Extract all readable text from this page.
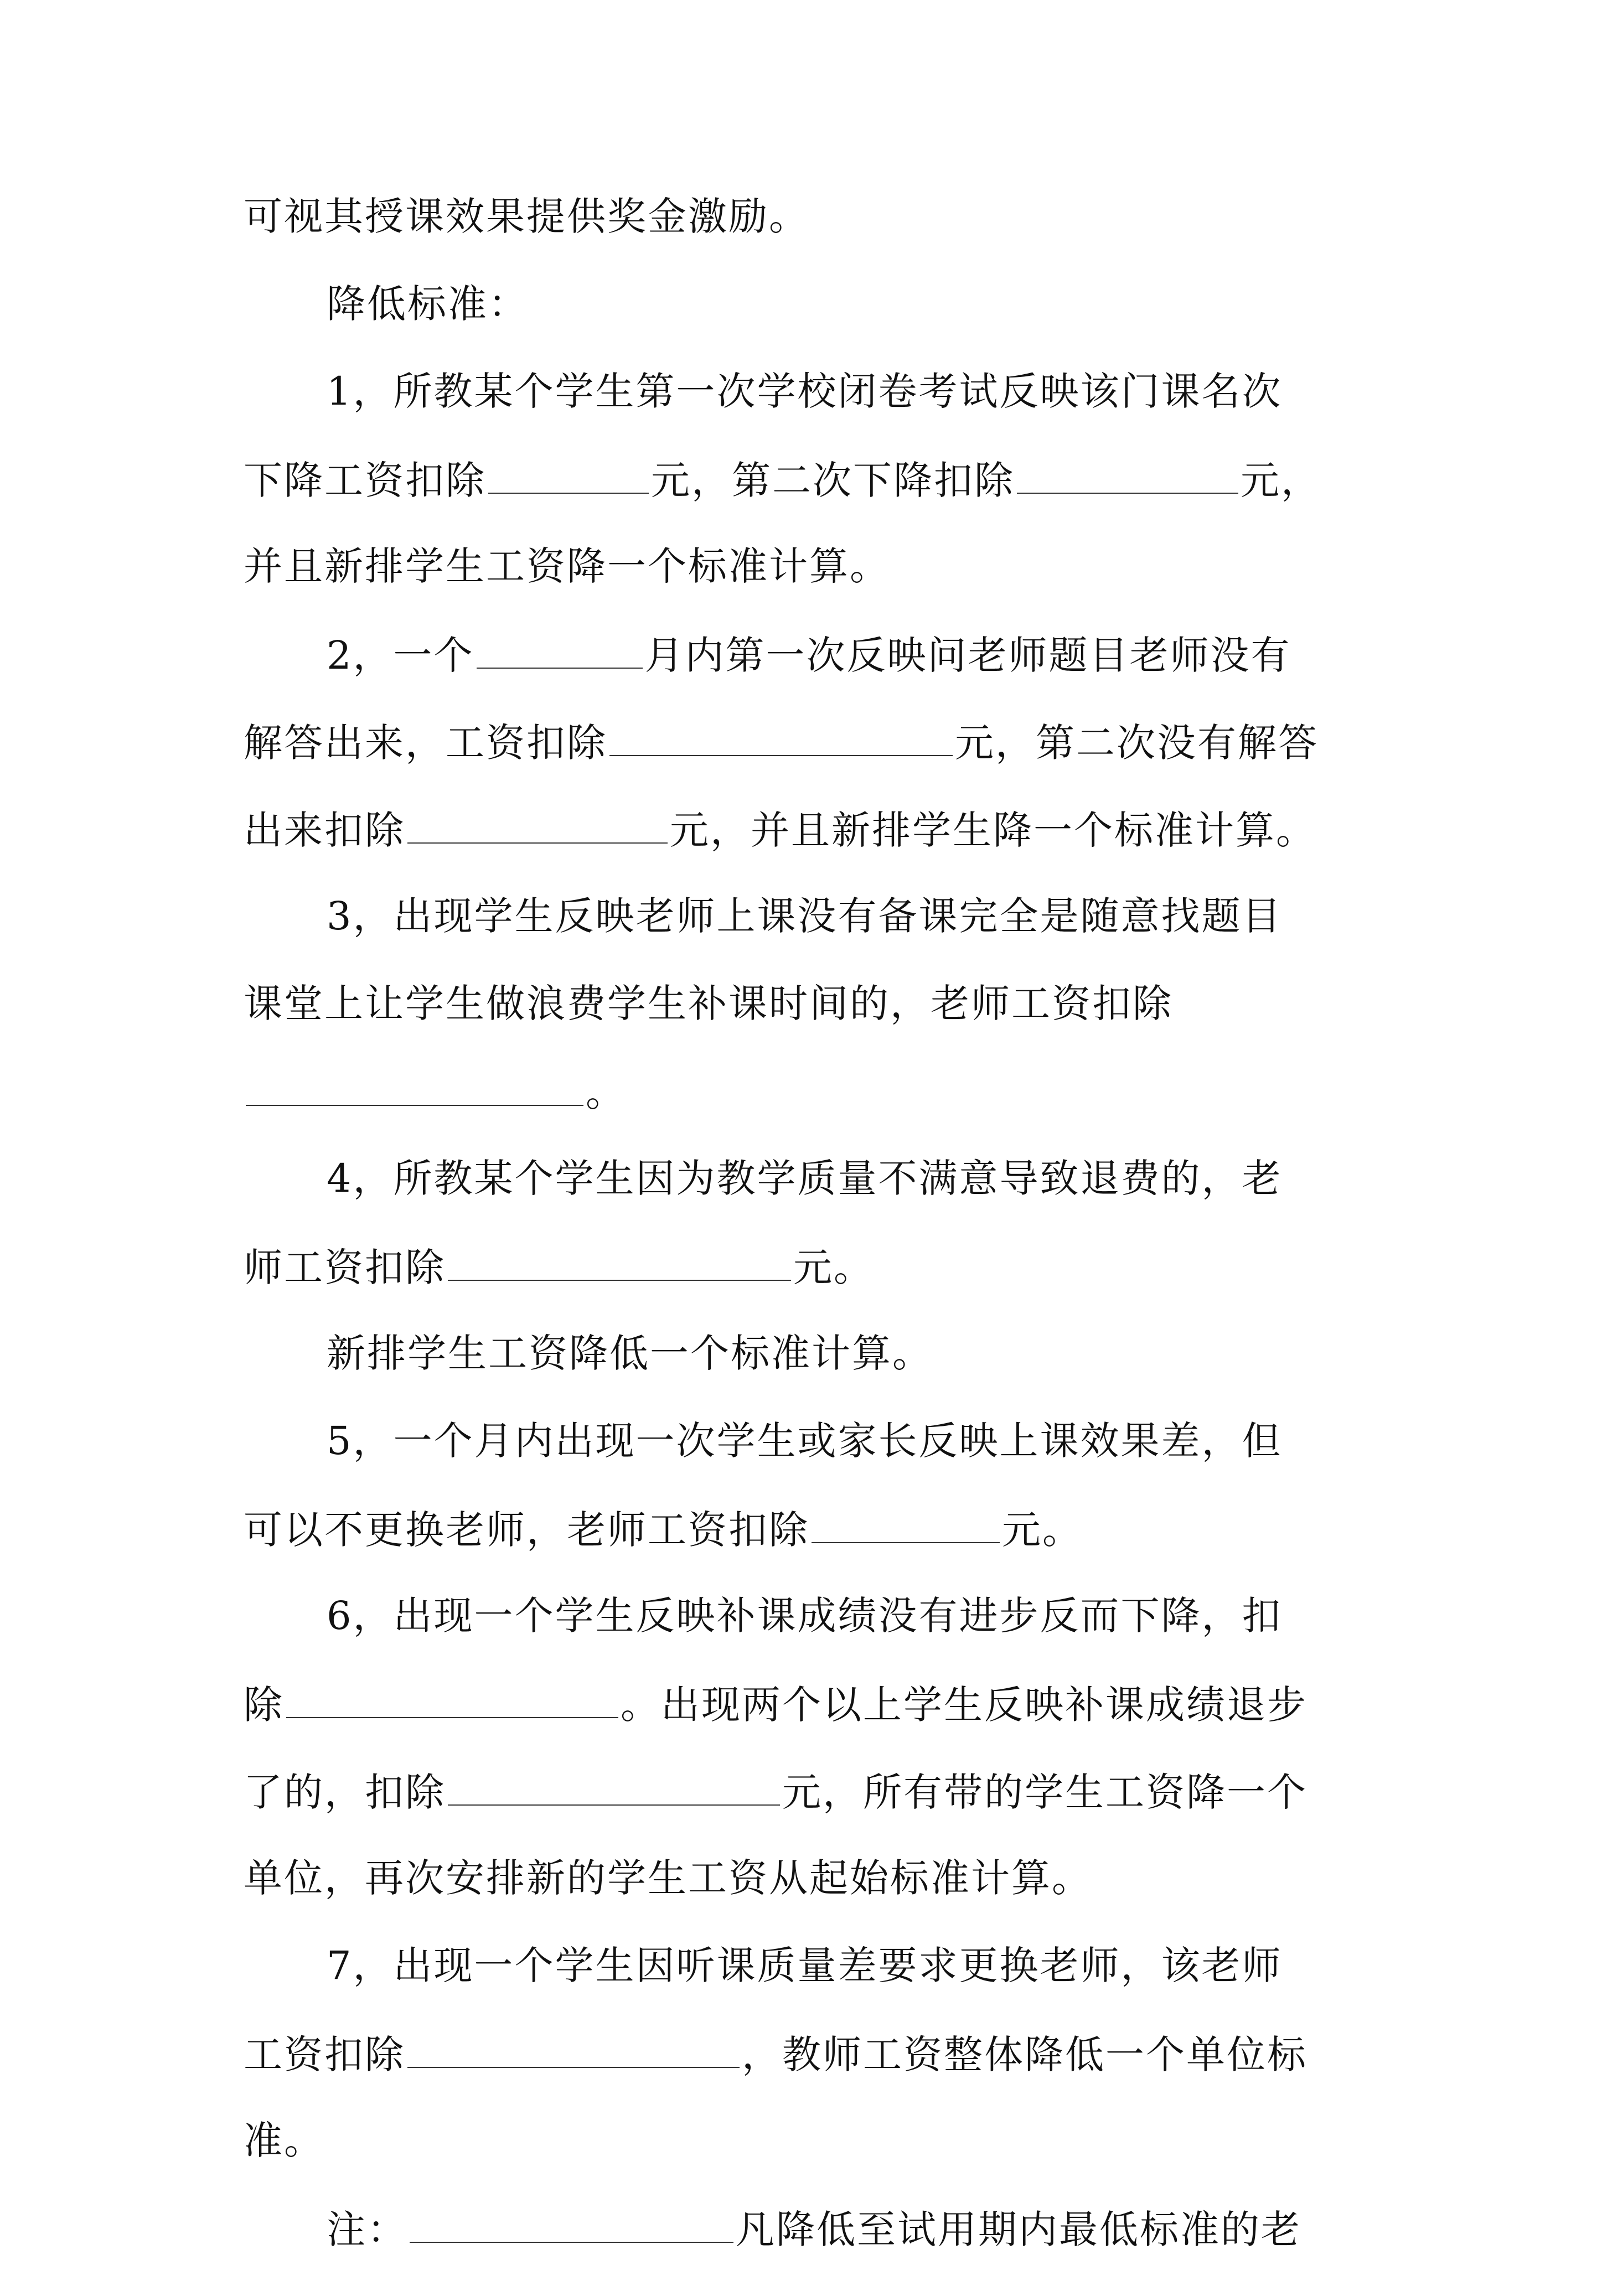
可视其授课效果提供奖金激励。
降低标准：
1，所教某个学生第一次学校闭卷考试反映该门课名次
下降工资扣除	元，第二次下降扣除	元，
并且新排学生工资降一个标准计算。
2，一个	月内第一次反映问老师题目老师没有
解答出来，工资扣除	元，第二次没有解答
出来扣除	元，并且新排学生降一个标准计算。
3，出现学生反映老师上课没有备课完全是随意找题目
课堂上让学生做浪费学生补课时间的，老师工资扣除
。
4，所教某个学生因为教学质量不满意导致退费的，老
师工资扣除	元。
新排学生工资降低一个标准计算。
5，一个月内出现一次学生或家长反映上课效果差，但
可以不更换老师，老师工资扣除	元。
6，出现一个学生反映补课成绩没有进步反而下降，扣
除	。出现两个以上学生反映补课成绩退步
了的，扣除	元，所有带的学生工资降一个
单位，再次安排新的学生工资从起始标准计算。
7，出现一个学生因听课质量差要求更换老师，该老师
工资扣除	，教师工资整体降低一个单位标
准。
注：	凡降低至试用期内最低标准的老
